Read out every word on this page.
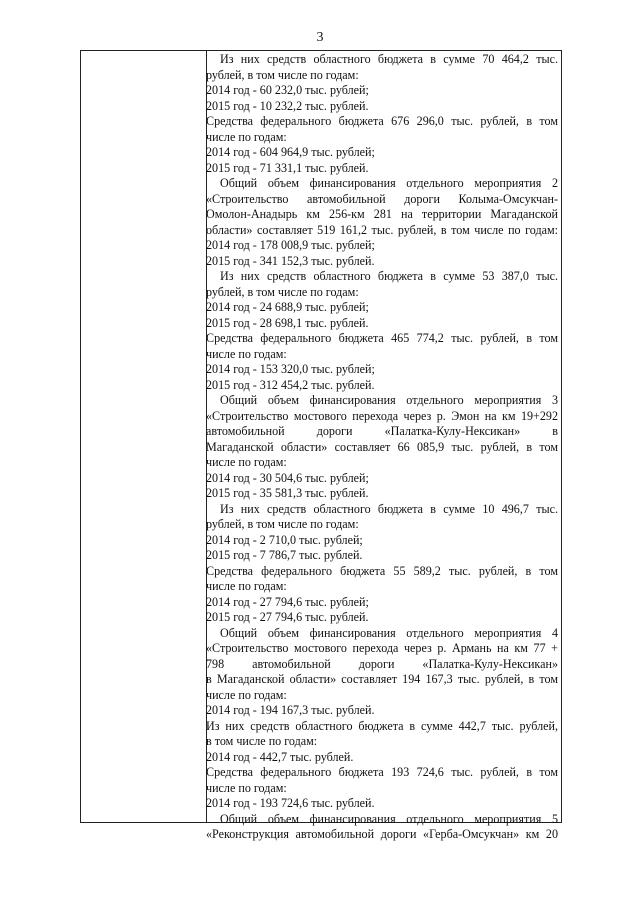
3
Из них средств областного бюджета в сумме 70 464,2 тыс.
рублей, в том числе по годам:
2014 год - 60 232,0 тыс. рублей;
2015 год - 10 232,2 тыс. рублей.
Средства федерального бюджета 676 296,0 тыс. рублей, в том
числе по годам:
2014 год - 604 964,9 тыс. рублей;
2015 год - 71 331,1 тыс. рублей.
Общий объем финансирования отдельного мероприятия 2
«Строительство автомобильной дороги Колыма-Омсукчан-
Омолон-Анадырь км 256-км 281 на территории Магаданской
области» составляет 519 161,2 тыс. рублей, в том числе по годам:
2014 год - 178 008,9 тыс. рублей;
2015 год - 341 152,3 тыс. рублей.
Из них средств областного бюджета в сумме 53 387,0 тыс.
рублей, в том числе по годам:
2014 год - 24 688,9 тыс. рублей;
2015 год - 28 698,1 тыс. рублей.
Средства федерального бюджета 465 774,2 тыс. рублей, в том
числе по годам:
2014 год - 153 320,0 тыс. рублей;
2015 год - 312 454,2 тыс. рублей.
Общий объем финансирования отдельного мероприятия 3
«Строительство мостового перехода через р. Эмон на км 19+292
автомобильной дороги «Палатка-Кулу-Нексикан» в
Магаданской области» составляет 66 085,9 тыс. рублей, в том
числе по годам:
2014 год - 30 504,6 тыс. рублей;
2015 год - 35 581,3 тыс. рублей.
Из них средств областного бюджета в сумме 10 496,7 тыс.
рублей, в том числе по годам:
2014 год - 2 710,0 тыс. рублей;
2015 год - 7 786,7 тыс. рублей.
Средства федерального бюджета 55 589,2 тыс. рублей, в том
числе по годам:
2014 год - 27 794,6 тыс. рублей;
2015 год - 27 794,6 тыс. рублей.
Общий объем финансирования отдельного мероприятия 4
«Строительство мостового перехода через р. Армань на км 77 +
798 автомобильной дороги «Палатка-Кулу-Нексикан»
в Магаданской области» составляет 194 167,3 тыс. рублей, в том
числе по годам:
2014 год - 194 167,3 тыс. рублей.
Из них средств областного бюджета в сумме 442,7 тыс. рублей,
в том числе по годам:
2014 год - 442,7 тыс. рублей.
Средства федерального бюджета 193 724,6 тыс. рублей, в том
числе по годам:
2014 год - 193 724,6 тыс. рублей.
Общий объем финансирования отдельного мероприятия 5
«Реконструкция автомобильной дороги «Герба-Омсукчан» км 20
